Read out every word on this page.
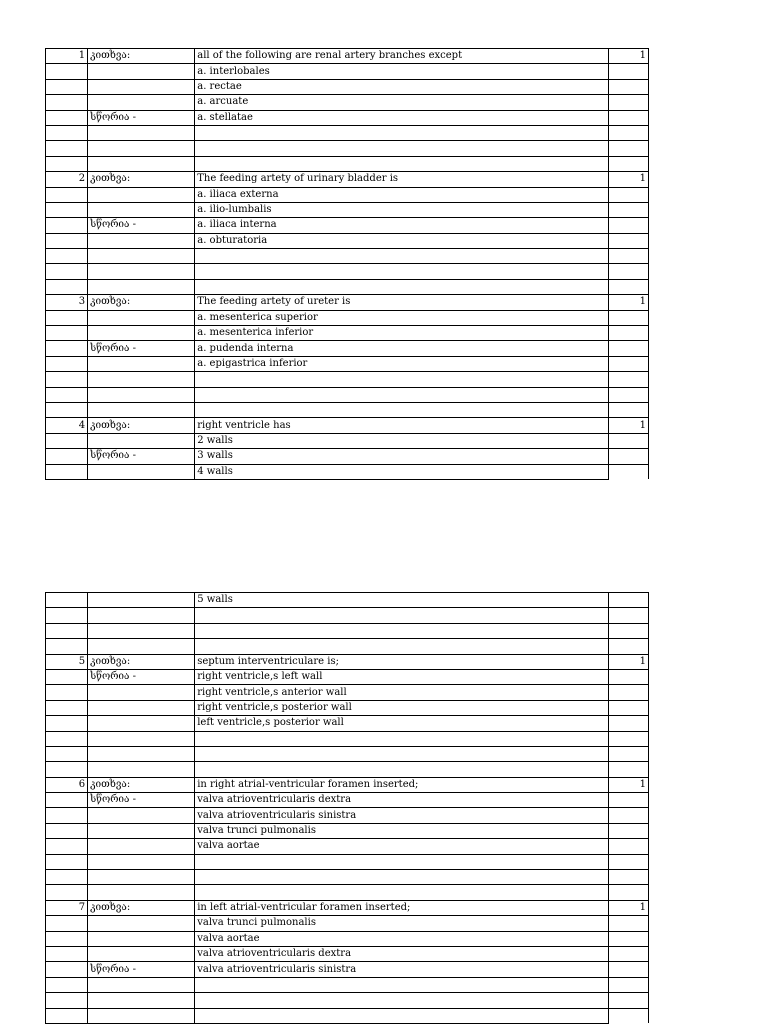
1	კითხვა:	all of the following are renal artery branches except	1
		a. interlobales	
		a. rectae	
		a. arcuate	
	სწორია -	a. stellatae	

2	კითხვა:	The feeding artety of urinary bladder is	1
		a. iliaca externa	
		a. ilio-lumbalis	
	სწორია -	a. iliaca interna	
		a. obturatoria	

3	კითხვა:	The feeding artety of ureter is	1
		a. mesenterica superior	
		a. mesenterica inferior	
	სწორია -	a. pudenda interna	
		a. epigastrica inferior	

4	კითხვა:	right ventricle has	1
		2 walls	
	სწორია -	3 walls	
		4 walls	
		5 walls	

5	კითხვა:	septum interventriculare is;	1
	სწორია -	right ventricle,s left wall	
		right ventricle,s anterior wall	
		right ventricle,s posterior wall	
		left ventricle,s posterior wall	

6	კითხვა:	in right atrial-ventricular foramen inserted;	1
	სწორია -	valva atrioventricularis dextra	
		valva atrioventricularis sinistra	
		valva trunci pulmonalis	
		valva aortae	

7	კითხვა:	in left atrial-ventricular foramen inserted;	1
		valva trunci pulmonalis	
		valva aortae	
		valva atrioventricularis dextra	
	სწორია -	valva atrioventricularis sinistra	
